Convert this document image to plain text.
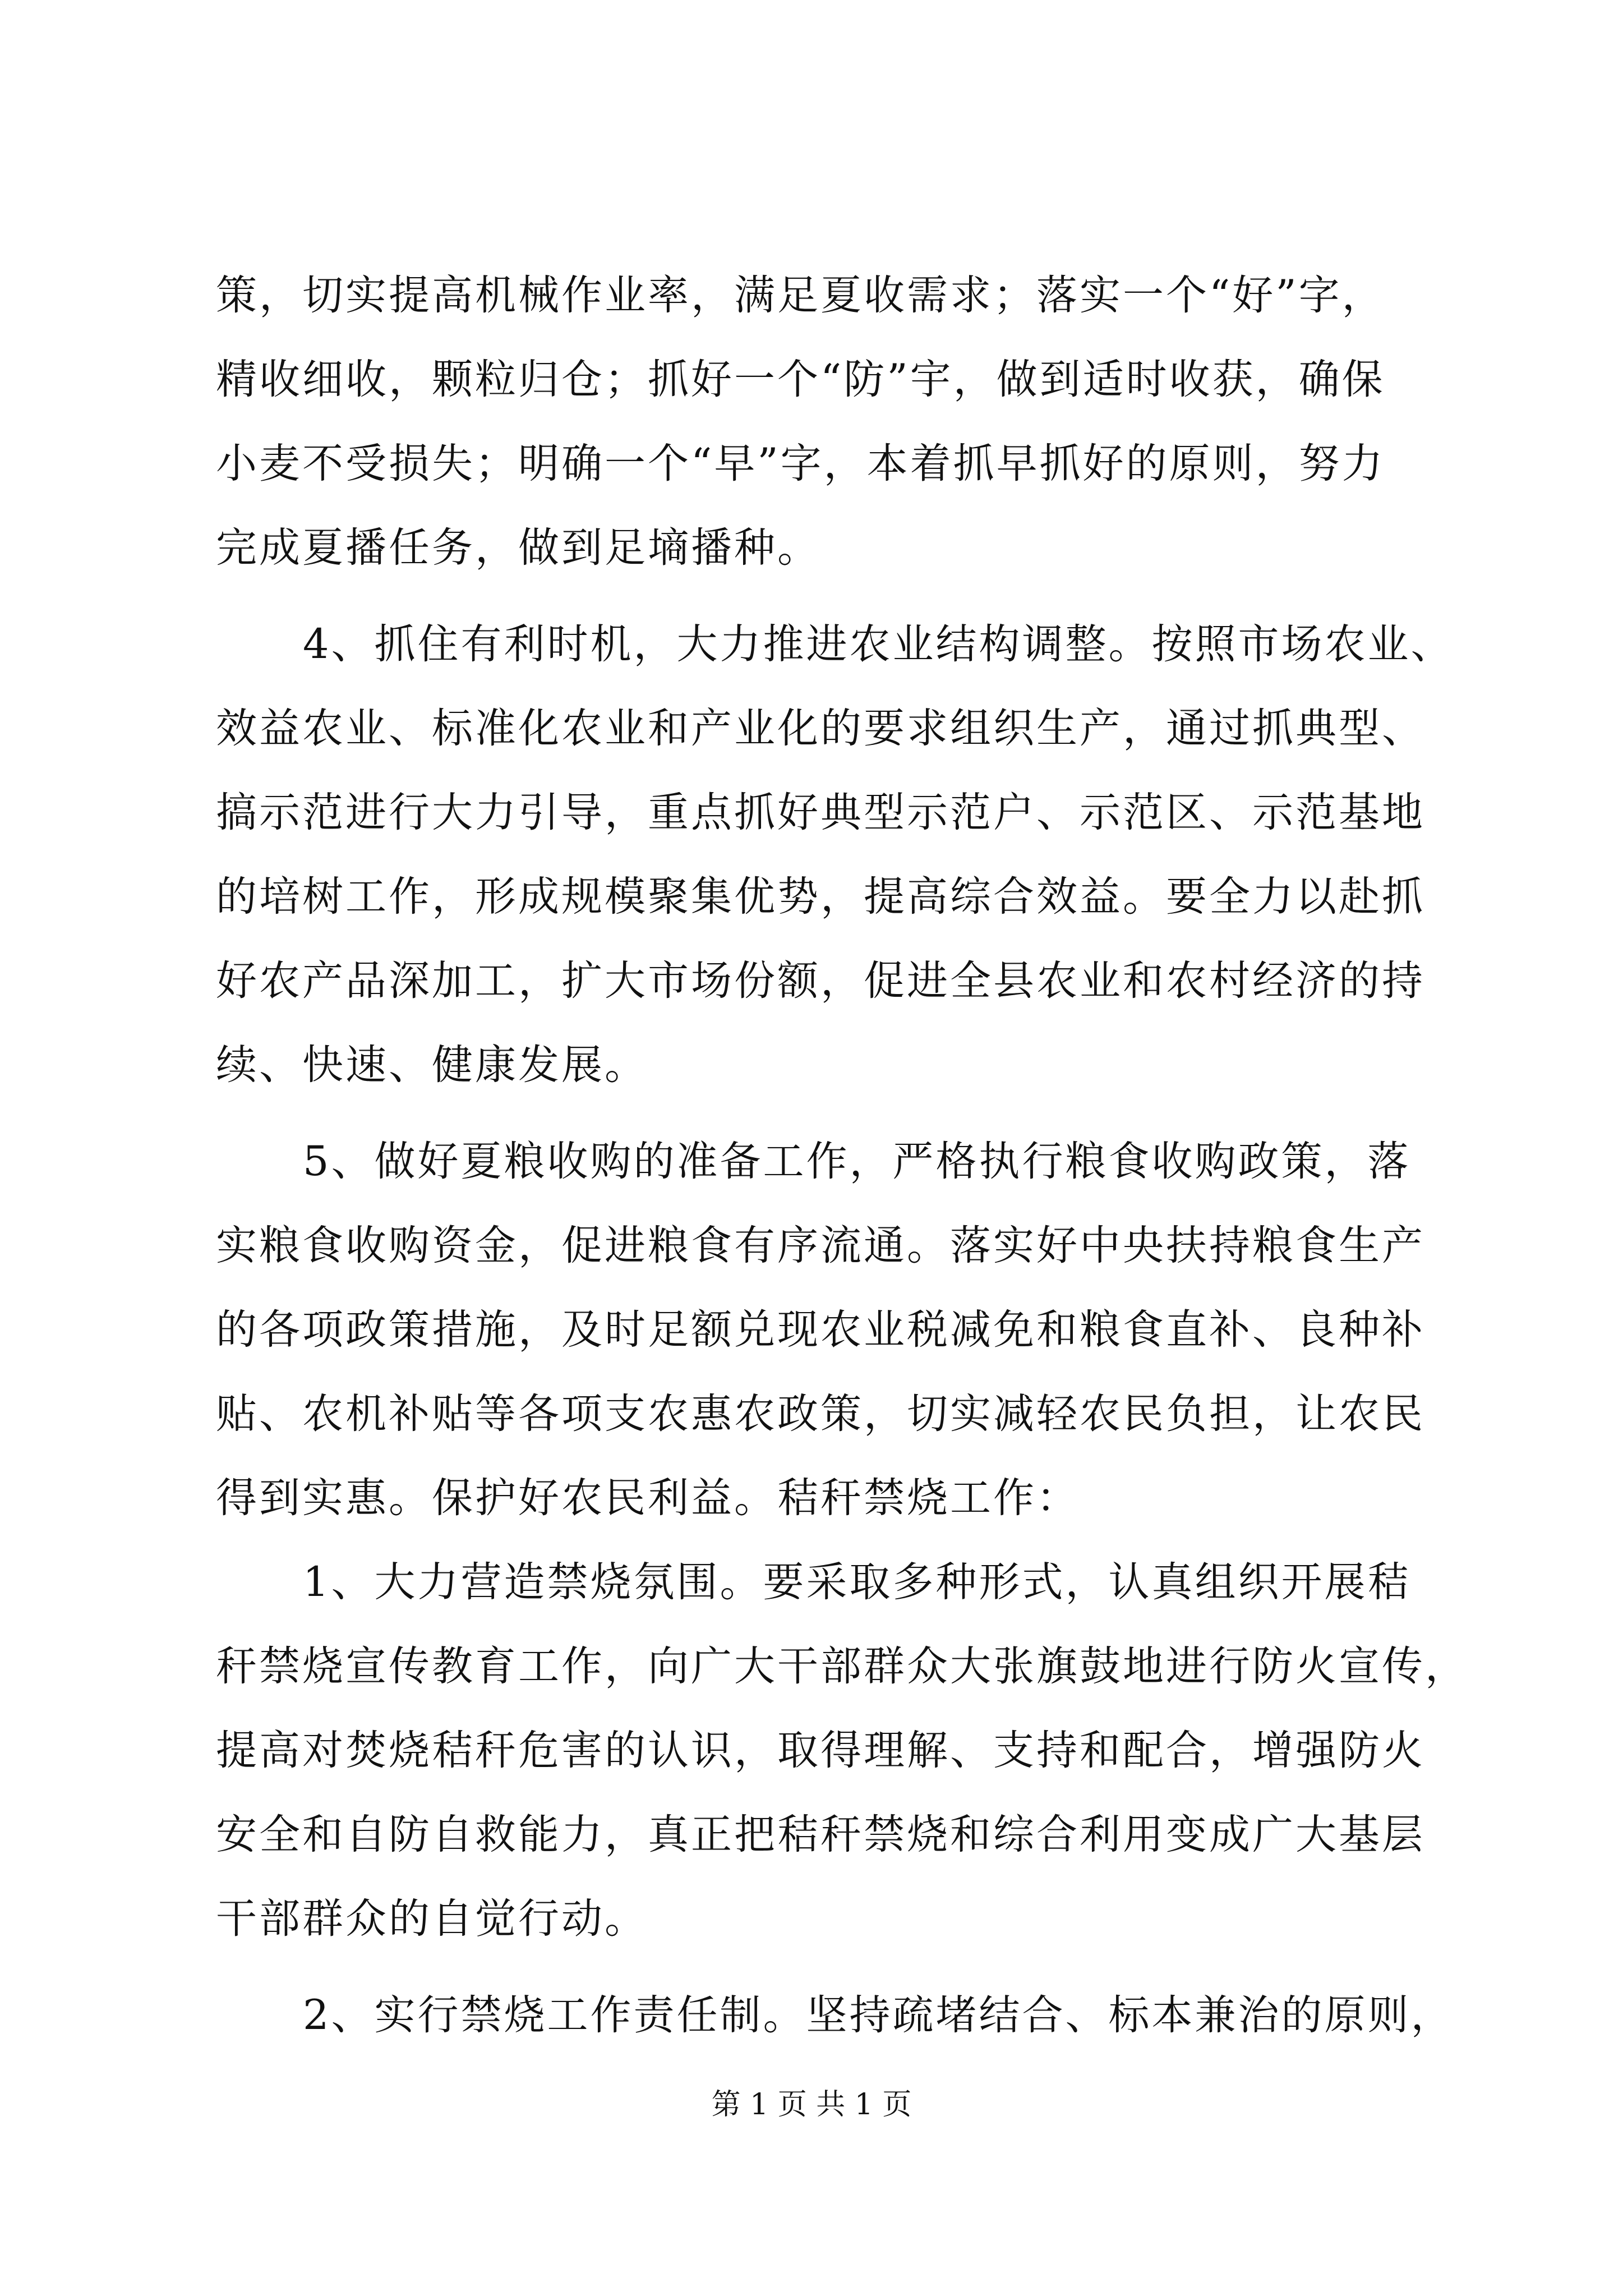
策，切实提高机械作业率，满足夏收需求；落实一个“好”字，
精收细收，颗粒归仓；抓好一个“防”宇，做到适时收获，确保
小麦不受损失；明确一个“早”字，本着抓早抓好的原则，努力
完成夏播任务，做到足墒播种。
4、抓住有利时机，大力推进农业结构调整。按照市场农业、
效益农业、标准化农业和产业化的要求组织生产，通过抓典型、
搞示范进行大力引导，重点抓好典型示范户、示范区、示范基地
的培树工作，形成规模聚集优势，提高综合效益。要全力以赴抓
好农产品深加工，扩大市场份额，促进全县农业和农村经济的持
续、快速、健康发展。
5、做好夏粮收购的准备工作，严格执行粮食收购政策，落
实粮食收购资金，促进粮食有序流通。落实好中央扶持粮食生产
的各项政策措施，及时足额兑现农业税减免和粮食直补、良种补
贴、农机补贴等各项支农惠农政策，切实减轻农民负担，让农民
得到实惠。保护好农民利益。秸秆禁烧工作：
1、大力营造禁烧氛围。要采取多种形式，认真组织开展秸
秆禁烧宣传教育工作，向广大干部群众大张旗鼓地进行防火宣传，
提高对焚烧秸秆危害的认识，取得理解、支持和配合，增强防火
安全和自防自救能力，真正把秸秆禁烧和综合利用变成广大基层
干部群众的自觉行动。
2、实行禁烧工作责任制。坚持疏堵结合、标本兼治的原则，
第 1 页 共 1 页
